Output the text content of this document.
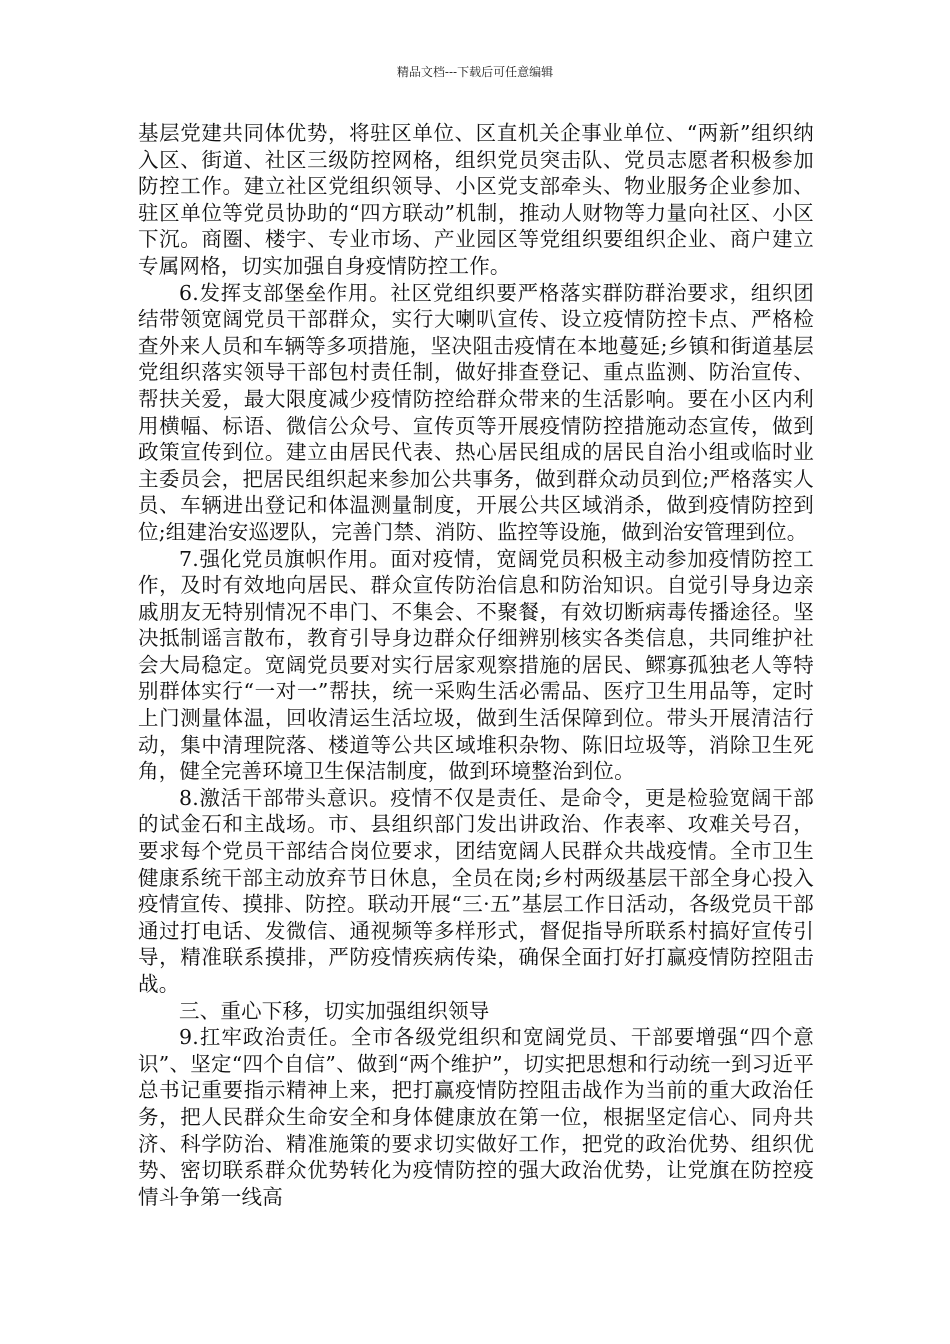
精品文档---下载后可任意编辑

基层党建共同体优势，将驻区单位、区直机关企事业单位、“两新”组织纳入区、街道、社区三级防控网格，组织党员突击队、党员志愿者积极参加防控工作。建立社区党组织领导、小区党支部牵头、物业服务企业参加、驻区单位等党员协助的“四方联动”机制，推动人财物等力量向社区、小区下沉。商圈、楼宇、专业市场、产业园区等党组织要组织企业、商户建立专属网格，切实加强自身疫情防控工作。

6.发挥支部堡垒作用。社区党组织要严格落实群防群治要求，组织团结带领宽阔党员干部群众，实行大喇叭宣传、设立疫情防控卡点、严格检查外来人员和车辆等多项措施，坚决阻击疫情在本地蔓延;乡镇和街道基层党组织落实领导干部包村责任制，做好排查登记、重点监测、防治宣传、帮扶关爱，最大限度减少疫情防控给群众带来的生活影响。要在小区内利用横幅、标语、微信公众号、宣传页等开展疫情防控措施动态宣传，做到政策宣传到位。建立由居民代表、热心居民组成的居民自治小组或临时业主委员会，把居民组织起来参加公共事务，做到群众动员到位;严格落实人员、车辆进出登记和体温测量制度，开展公共区域消杀，做到疫情防控到位;组建治安巡逻队，完善门禁、消防、监控等设施，做到治安管理到位。

7.强化党员旗帜作用。面对疫情，宽阔党员积极主动参加疫情防控工作，及时有效地向居民、群众宣传防治信息和防治知识。自觉引导身边亲戚朋友无特别情况不串门、不集会、不聚餐，有效切断病毒传播途径。坚决抵制谣言散布，教育引导身边群众仔细辨别核实各类信息，共同维护社会大局稳定。宽阔党员要对实行居家观察措施的居民、鳏寡孤独老人等特别群体实行“一对一”帮扶，统一采购生活必需品、医疗卫生用品等，定时上门测量体温，回收清运生活垃圾，做到生活保障到位。带头开展清洁行动，集中清理院落、楼道等公共区域堆积杂物、陈旧垃圾等，消除卫生死角，健全完善环境卫生保洁制度，做到环境整治到位。

8.激活干部带头意识。疫情不仅是责任、是命令，更是检验宽阔干部的试金石和主战场。市、县组织部门发出讲政治、作表率、攻难关号召，要求每个党员干部结合岗位要求，团结宽阔人民群众共战疫情。全市卫生健康系统干部主动放弃节日休息，全员在岗;乡村两级基层干部全身心投入疫情宣传、摸排、防控。联动开展“三·五”基层工作日活动，各级党员干部通过打电话、发微信、通视频等多样形式，督促指导所联系村搞好宣传引导，精准联系摸排，严防疫情疾病传染，确保全面打好打赢疫情防控阻击战。

三、重心下移，切实加强组织领导

9.扛牢政治责任。全市各级党组织和宽阔党员、干部要增强“四个意识”、坚定“四个自信”、做到“两个维护”，切实把思想和行动统一到习近平总书记重要指示精神上来，把打赢疫情防控阻击战作为当前的重大政治任务，把人民群众生命安全和身体健康放在第一位，根据坚定信心、同舟共济、科学防治、精准施策的要求切实做好工作，把党的政治优势、组织优势、密切联系群众优势转化为疫情防控的强大政治优势，让党旗在防控疫情斗争第一线高
